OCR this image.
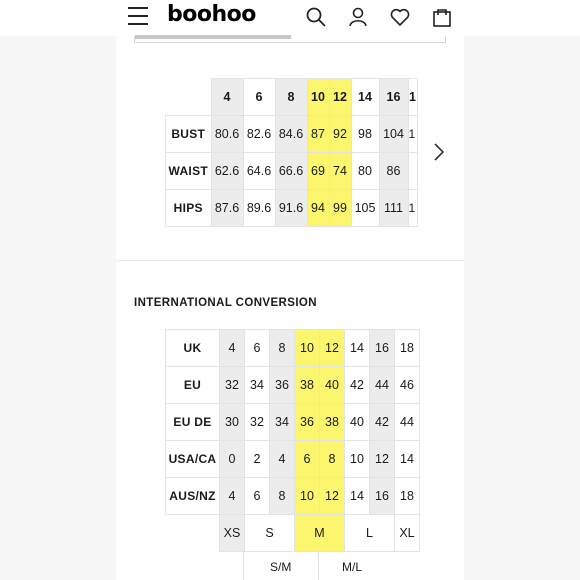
boohoo
	4	6	8	10	12	14	16	1
BUST	80.6	82.6	84.6	87	92	98	104	1
WAIST	62.6	64.6	66.6	69	74	80	86	
HIPS	87.6	89.6	91.6	94	99	105	111	1
INTERNATIONAL CONVERSION
UK	4	6	8	10	12	14	16	18
EU	32	34	36	38	40	42	44	46
EU DE	30	32	34	36	38	40	42	44
USA/CA	0	2	4	6	8	10	12	14
AUS/NZ	4	6	8	10	12	14	16	18
	XS	S		M		L		XL
S/M	M/L
